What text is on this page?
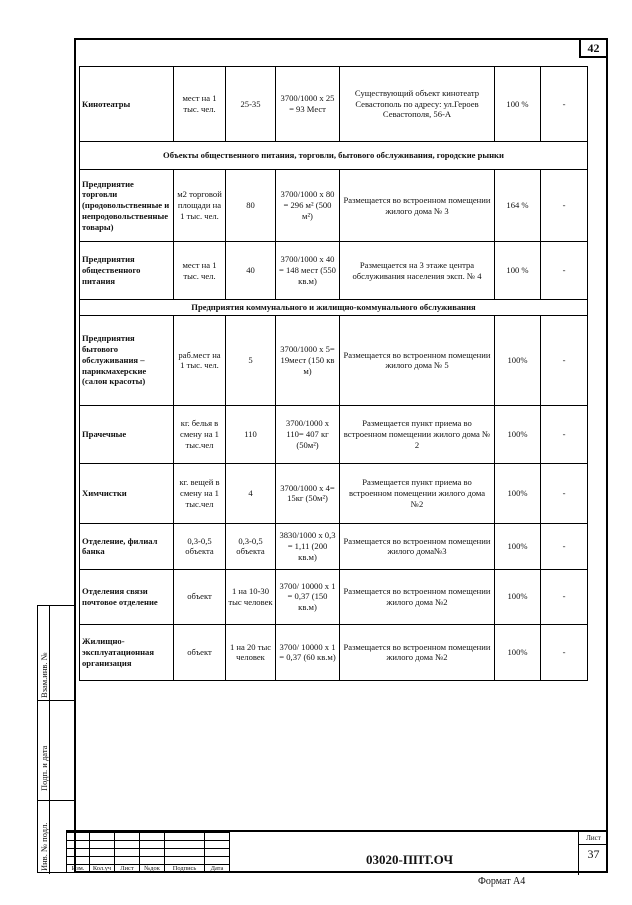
42
Кинотеатры	мест на 1 тыс. чел.	25-35	3700/1000 x 25 = 93 Мест	Существующий объект кинотеатр Севастополь по адресу: ул.Героев Севастополя, 56-А	100 %	-
Объекты общественного питания, торговли, бытового обслуживания, городские рынки						
Предприятие торговли (продовольственные и непродовольственные товары)	м2 торговой площади на 1 тыс. чел.	80	3700/1000 x 80 = 296 м² (500 м²)	Размещается во встроенном помещении жилого дома № 3	164 %	-
Предприятия общественного питания	мест на 1 тыс. чел.	40	3700/1000 x 40 = 148 мест (550 кв.м)	Размещается на 3 этаже центра обслуживания населения эксп. № 4	100 %	-
Предприятия коммунального и жилищно-коммунального обслуживания						
Предприятия бытового обслуживания – парикмахерские (салон красоты)	раб.мест на 1 тыс. чел.	5	3700/1000 x 5= 19мест (150 кв м)	Размещается во встроенном помещении жилого дома № 5	100%	-
Прачечные	кг. белья в смену на 1 тыс.чел	110	3700/1000 x 110= 407 кг (50м²)	Размещается пункт приема во встроенном помещении жилого дома № 2	100%	-
Химчистки	кг. вещей в смену на 1 тыс.чел	4	3700/1000 x 4= 15кг (50м²)	Размещается пункт приема во встроенном помещении жилого дома №2	100%	-
Отделение, филиал банка	0,3-0,5 объекта	0,3-0,5 объекта	3830/1000 x 0,3 = 1,11 (200 кв.м)	Размещается во встроенном помещении жилого дома№3	100%	-
Отделения связи почтовое отделение	объект	1 на 10-30 тыс человек	3700/ 10000 x 1 = 0,37 (150 кв.м)	Размещается во встроенном помещении жилого дома №2	100%	-
Жилищно-эксплуатационная организация	объект	1 на 20 тыс человек	3700/ 10000 x 1 = 0,37 (60 кв.м)	Размещается во встроенном помещении жилого дома №2	100%	-
Взам.инв. №
Подп. и дата
Инв. № подл.

						Изм.	Кол.уч	Лист	№док	Подпись	Дата
03020-ППТ.ОЧ
Лист
37
Формат А4
